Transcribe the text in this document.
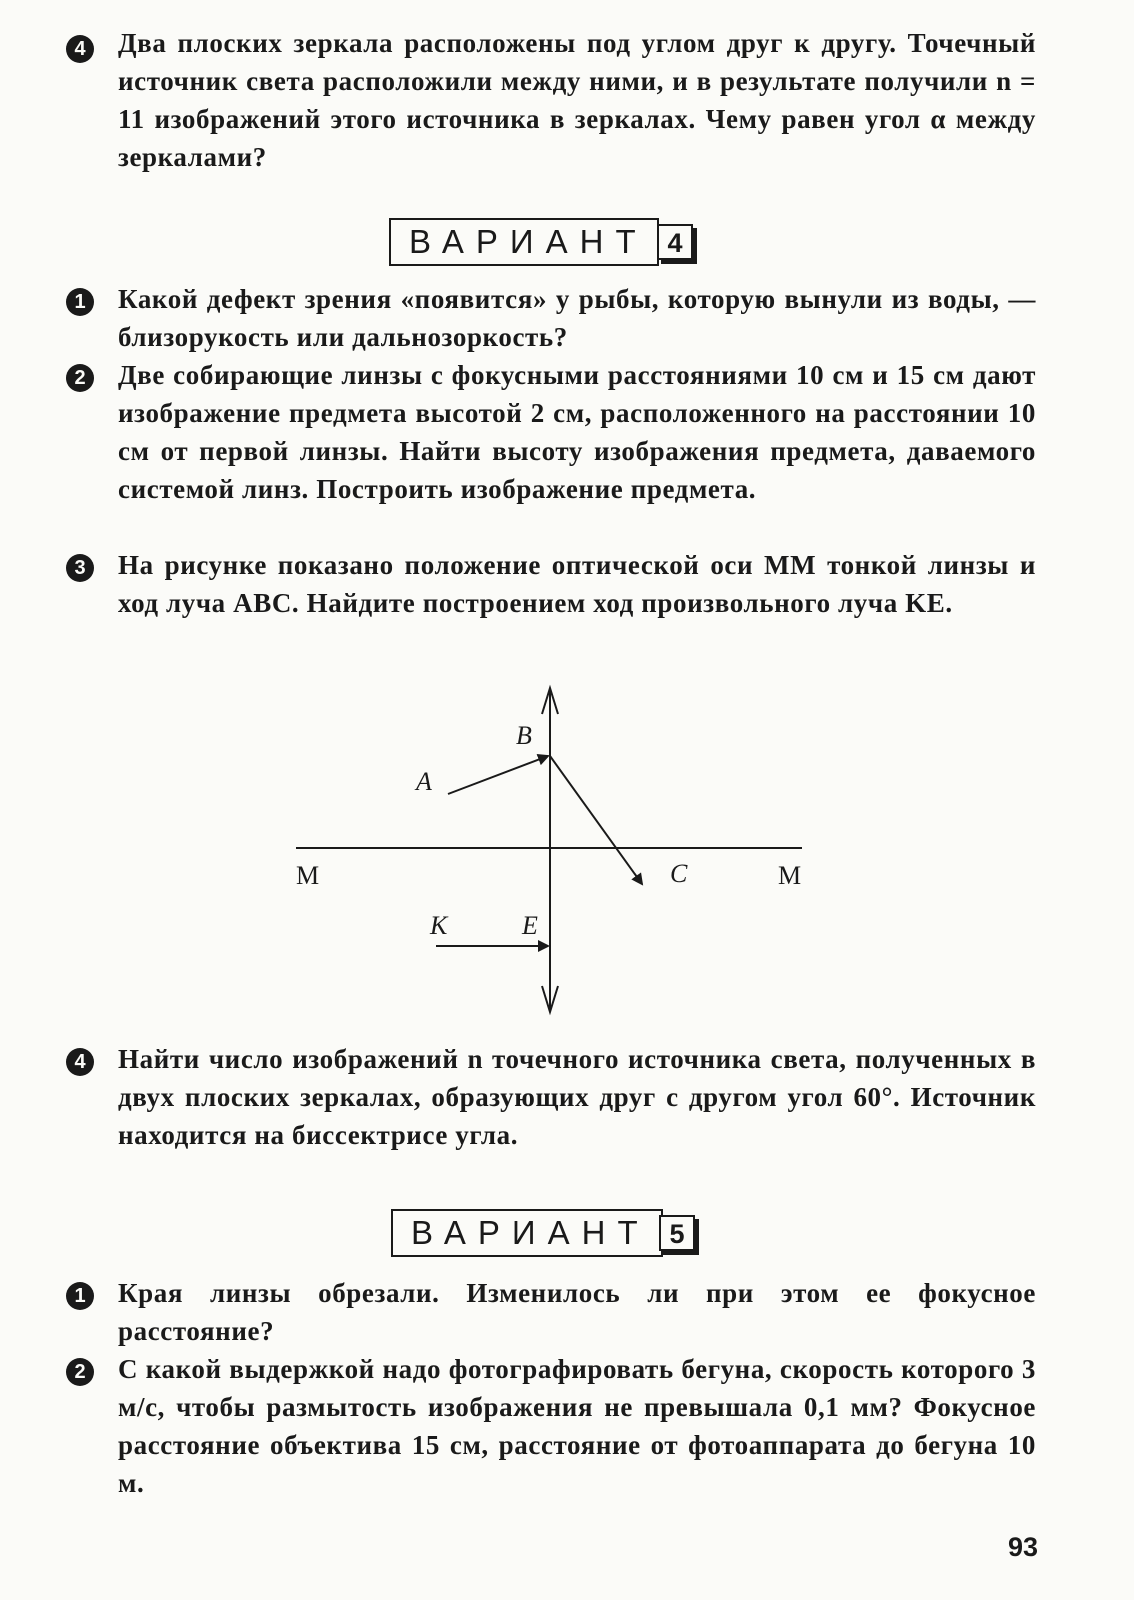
4	Два плоских зеркала расположены под углом друг к другу. Точечный источник света расположили между ними, и в результате получили n = 11 изображений этого источника в зеркалах. Чему равен угол α между зеркалами?
ВАРИАНТ 4
1	Какой дефект зрения «появится» у рыбы, которую вынули из воды, — близорукость или дальнозоркость?
2	Две собирающие линзы с фокусными расстояниями 10 см и 15 см дают изображение предмета высотой 2 см, расположенного на расстоянии 10 см от первой линзы. Найти высоту изображения предмета, даваемого системой линз. Построить изображение предмета.
3	На рисунке показано положение оптической оси MM тонкой линзы и ход луча ABC. Найдите построением ход произвольного луча KE.
B
A
C
M	M
K	E
4	Найти число изображений n точечного источника света, полученных в двух плоских зеркалах, образующих друг с другом угол 60°. Источник находится на биссектрисе угла.
ВАРИАНТ 5
1	Края линзы обрезали. Изменилось ли при этом ее фокусное расстояние?
2	С какой выдержкой надо фотографировать бегуна, скорость которого 3 м/с, чтобы размытость изображения не превышала 0,1 мм? Фокусное расстояние объектива 15 см, расстояние от фотоаппарата до бегуна 10 м.
93
